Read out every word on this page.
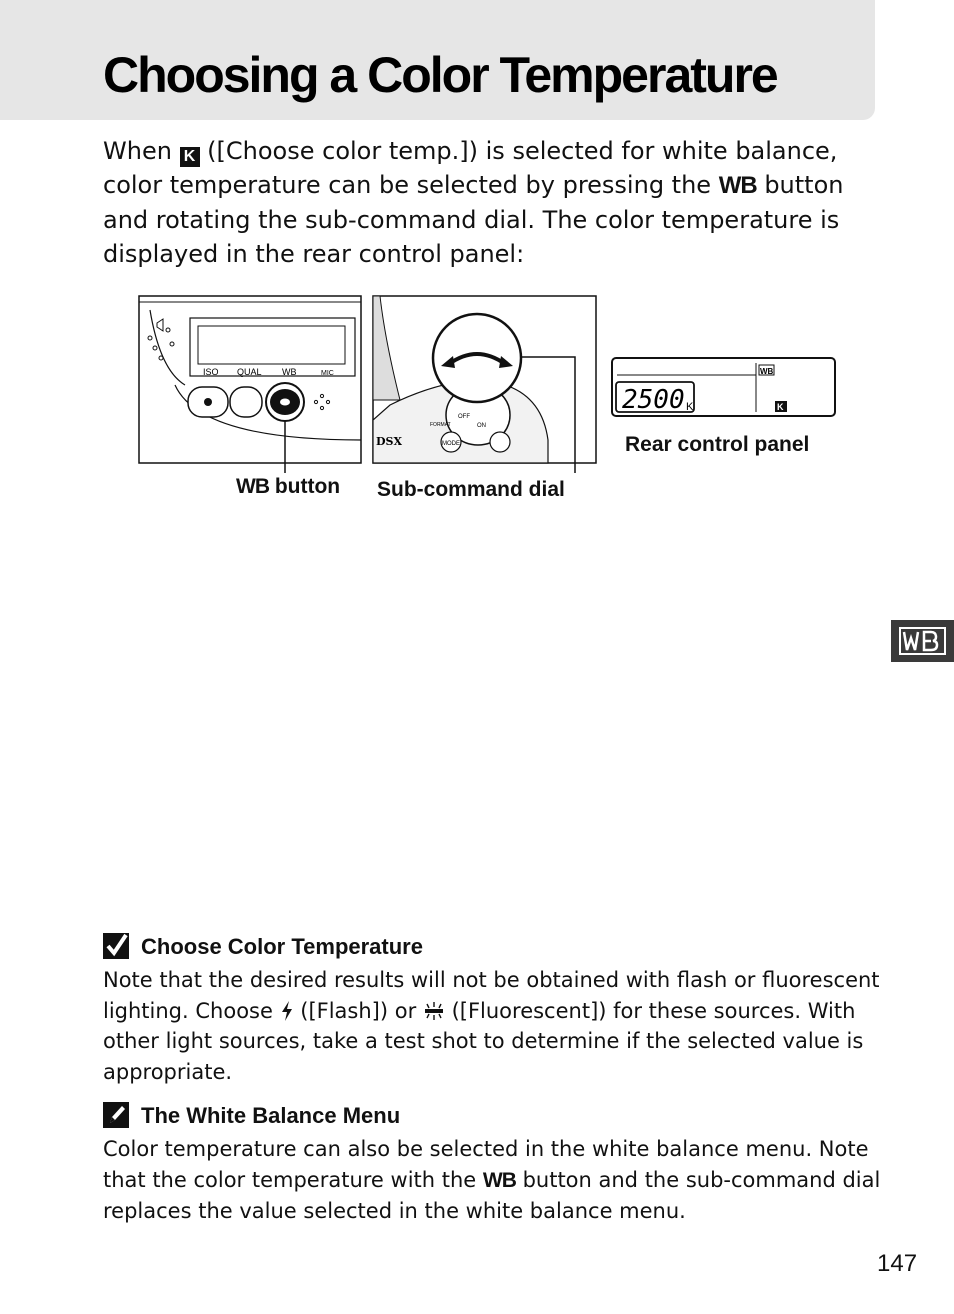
Choosing a Color Temperature

When K ([Choose color temp.]) is selected for white balance, color temperature can be selected by pressing the WB button and rotating the sub-command dial. The color temperature is displayed in the rear control panel:

ISO QUAL WB	MIC
MODE
FORMAT
OFF
ON
DSX
2500 K
WB
K
WB button Sub-command dial
Rear control panel
Choose Color Temperature

Note that the desired results will not be obtained with flash or fluorescent lighting. Choose  ([Flash]) or  ([Fluorescent]) for these sources. With other light sources, take a test shot to determine if the selected value is appropriate.

The White Balance Menu

Color temperature can also be selected in the white balance menu. Note that the color temperature with the WB button and the sub-command dial replaces the value selected in the white balance menu.

147
